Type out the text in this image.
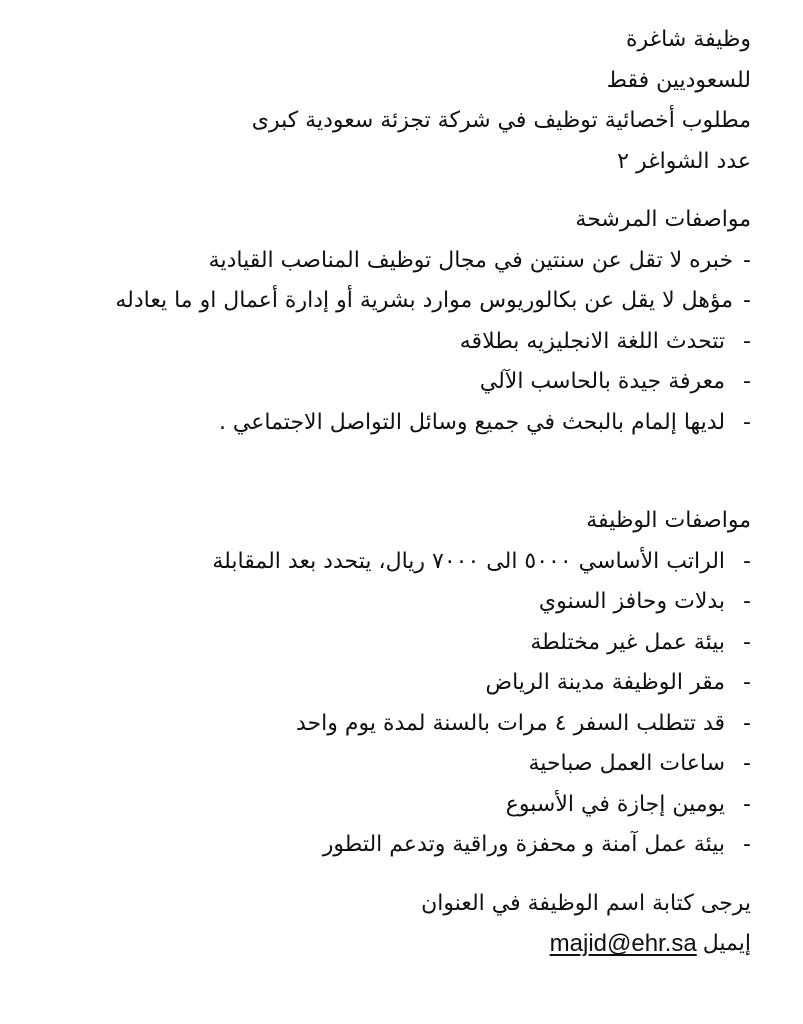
وظيفة شاغرة
للسعوديين فقط
مطلوب أخصائية توظيف في شركة تجزئة سعودية كبرى
عدد الشواغر ٢
مواصفات المرشحة
-
خبره لا تقل عن سنتين في مجال توظيف المناصب القيادية
-
مؤهل لا يقل عن بكالوريوس موارد بشرية أو إدارة أعمال او ما يعادله
-
تتحدث اللغة الانجليزيه بطلاقه
-
معرفة جيدة بالحاسب الآلي
-
لديها إلمام بالبحث في جميع وسائل التواصل الاجتماعي .
مواصفات الوظيفة
-
الراتب الأساسي ٥٠٠٠ الى ٧٠٠٠ ريال، يتحدد بعد المقابلة
-
بدلات وحافز السنوي
-
بيئة عمل غير مختلطة
-
مقر الوظيفة مدينة الرياض
-
قد تتطلب السفر ٤ مرات بالسنة لمدة يوم واحد
-
ساعات العمل صباحية
-
يومين إجازة في الأسبوع
-
بيئة عمل آمنة و محفزة وراقية وتدعم التطور
يرجى كتابة اسم الوظيفة في العنوان
إيميل
majid@ehr.sa
